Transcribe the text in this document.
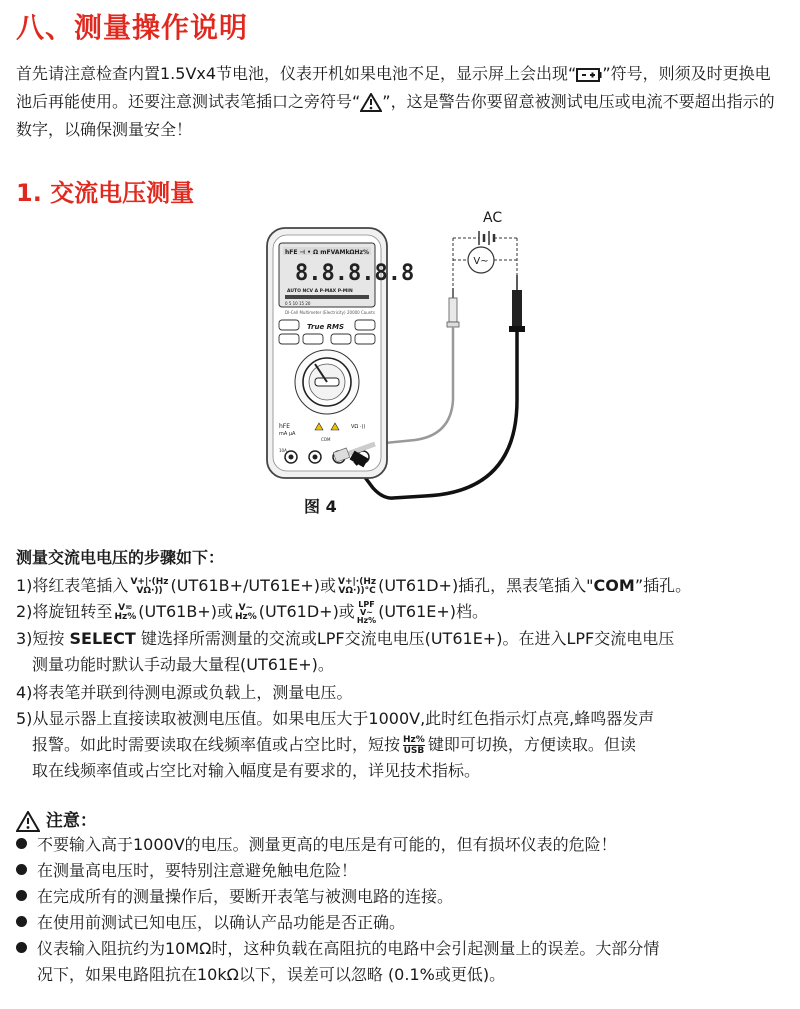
八、测量操作说明
首先请注意检查内置1.5Vx4节电池，仪表开机如果电池不足，显示屏上会出现“ ”符号，则须及时更换电池后再能使用。还要注意测试表笔插口之旁符号“ ”，这是警告你要留意被测试电压或电流不要超出指示的数字，以确保测量安全！
1. 交流电压测量
AC
V~
hFE ⊣ • Ω mFVAMkΩHz%
8.8.8.8.8
AUTO NCV A P-MAX P-MIN
0 5 10 15 20
DI-Cell Multimeter (Electricity) 20000 Counts
True RMS
hFE
mA μA
VΩ ·))
COM
10A
图 4
测量交流电电压的步骤如下：
1)将红表笔插入 V+|·(Hz
VΩ·)) (UT61B+/UT61E+)或 V+|·(Hz
VΩ·))°C (UT61D+)插孔，黑表笔插入"COM”插孔。
2)将旋钮转至 V≂
Hz% (UT61B+)或 V~
Hz% (UT61D+)或 LPF
V~
Hz% (UT61E+)档。
3)短按 SELECT 键选择所需测量的交流或LPF交流电电压(UT61E+)。在进入LPF交流电电压
测量功能时默认手动最大量程(UT61E+)。
4)将表笔并联到待测电源或负载上，测量电压。
5)从显示器上直接读取被测电压值。如果电压大于1000V,此时红色指示灯点亮,蜂鸣器发声
报警。如此时需要读取在线频率值或占空比时，短按 Hz%
USB 键即可切换，方便读取。但读
取在线频率值或占空比对输入幅度是有要求的，详见技术指标。
注意：
不要输入高于1000V的电压。测量更高的电压是有可能的，但有损坏仪表的危险！
在测量高电压时，要特别注意避免触电危险！
在完成所有的测量操作后，要断开表笔与被测电路的连接。
在使用前测试已知电压，以确认产品功能是否正确。
仪表输入阻抗约为10MΩ时，这种负载在高阻抗的电路中会引起测量上的误差。大部分情
况下，如果电路阻抗在10kΩ以下，误差可以忽略 (0.1%或更低)。
